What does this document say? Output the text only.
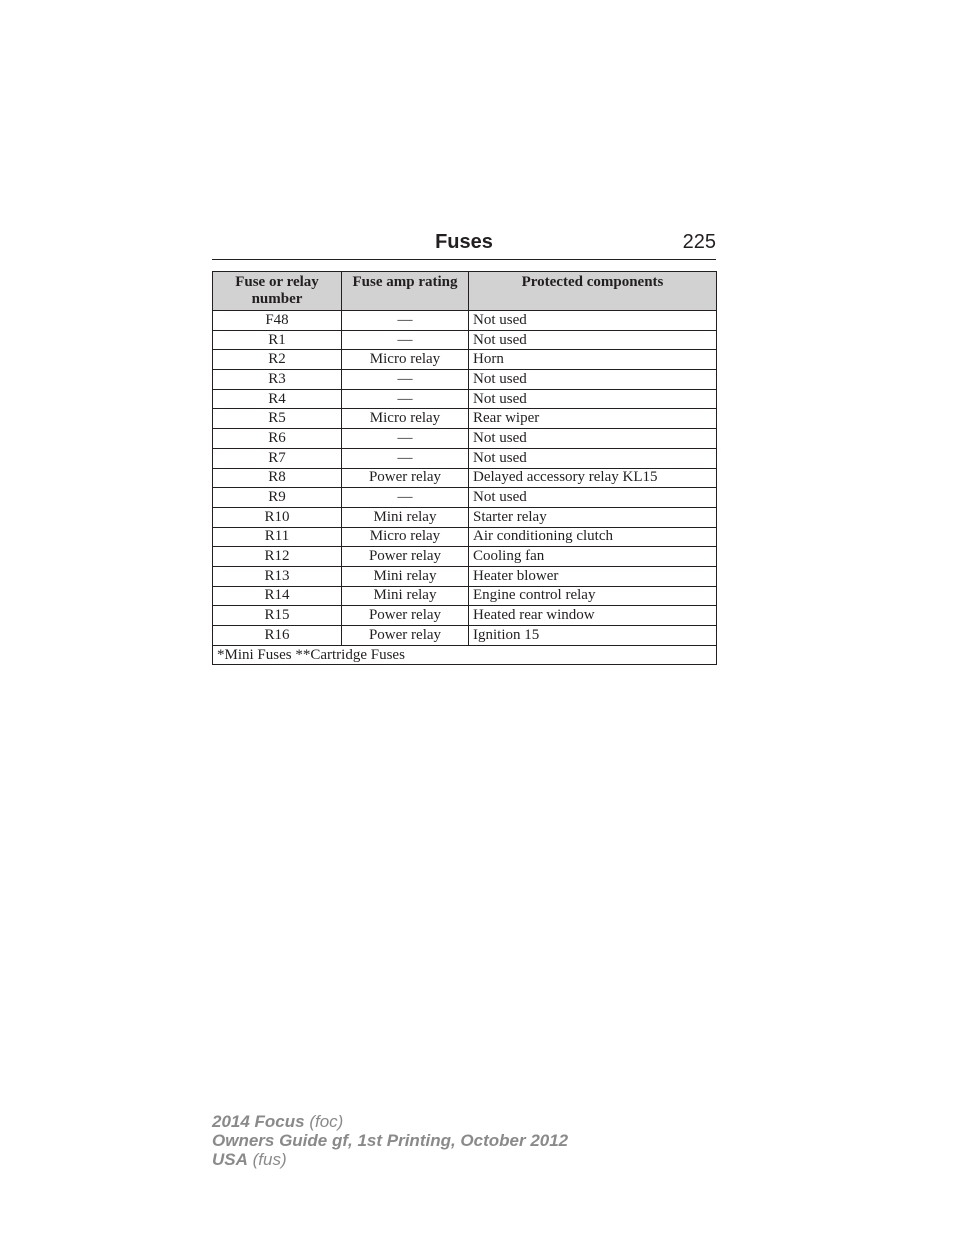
Fuses	225
Fuse or relay number	Fuse amp rating	Protected components
F48	—	Not used
R1	—	Not used
R2	Micro relay	Horn
R3	—	Not used
R4	—	Not used
R5	Micro relay	Rear wiper
R6	—	Not used
R7	—	Not used
R8	Power relay	Delayed accessory relay KL15
R9	—	Not used
R10	Mini relay	Starter relay
R11	Micro relay	Air conditioning clutch
R12	Power relay	Cooling fan
R13	Mini relay	Heater blower
R14	Mini relay	Engine control relay
R15	Power relay	Heated rear window
R16	Power relay	Ignition 15
*Mini Fuses **Cartridge Fuses		
2014 Focus (foc)
Owners Guide gf, 1st Printing, October 2012
USA (fus)
